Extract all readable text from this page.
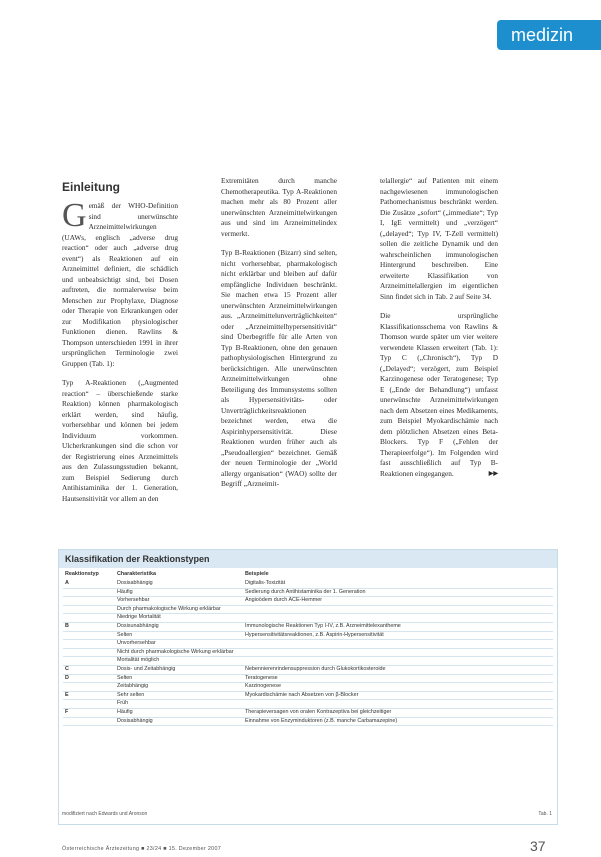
medizin
Einleitung

Gemäß der WHO-Definition sind unerwünschte Arzneimittelwirkungen (UAWs, englisch „adverse drug reaction“ oder auch „adverse drug event“) als Reaktionen auf ein Arzneimittel definiert, die schädlich und unbeabsichtigt sind, bei Dosen auftreten, die normalerweise beim Menschen zur Prophylaxe, Diagnose oder Therapie von Erkrankungen oder zur Modifikation physiologischer Funktionen dienen. Rawlins & Thompson unterschieden 1991 in ihrer ursprünglichen Terminologie zwei Gruppen (Tab. 1):

Typ A-Reaktionen („Augmented reaction“ – überschießende starke Reaktion) können pharmakologisch erklärt werden, sind häufig, vorhersehbar und können bei jedem Individuum vorkommen. Ulcherkrankungen sind die schon vor der Registrierung eines Arzneimittels aus den Zulassungsstudien bekannt, zum Beispiel Sedierung durch Antihistaminika der 1. Generation, Hautsensitivität vor allem an den

Extremitäten durch manche Chemotherapeutika. Typ A-Reaktionen machen mehr als 80 Prozent aller unerwünschten Arzneimittelwirkungen aus und sind im Arzneimittelindex vermerkt.

Typ B-Reaktionen (Bizarr) sind selten, nicht vorhersehbar, pharmakologisch nicht erklärbar und bleiben auf dafür empfängliche Individuen beschränkt. Sie machen etwa 15 Prozent aller unerwünschten Arzneimittelwirkungen aus. „Arzneimittelunverträglichkeiten“ oder „Arzneimittelhypersensitivität“ sind Überbegriffe für alle Arten von Typ B-Reaktionen, ohne den genauen pathophysiologischen Hintergrund zu berücksichtigen. Alle unerwünschten Arzneimittelwirkungen ohne Beteiligung des Immunsystems sollten als Hypersensitivitäts- oder Unverträglichkeitsreaktionen bezeichnet werden, etwa die Aspirinhypersensitivität. Diese Reaktionen wurden früher auch als „Pseudoallergien“ bezeichnet. Gemäß der neuen Terminologie der „World allergy organisation“ (WAO) sollte der Begriff „Arzneimit-

telallergie“ auf Patienten mit einem nachgewiesenen immunologischen Pathomechanismus beschränkt werden. Die Zusätze „sofort“ („immediate“; Typ I, IgE vermittelt) und „verzögert“ („delayed“; Typ IV, T-Zell vermittelt) sollen die zeitliche Dynamik und den wahrscheinlichen immunologischen Hintergrund beschreiben. Eine erweiterte Klassifikation von Arzneimittelallergien im eigentlichen Sinn findet sich in Tab. 2 auf Seite 34.

Die ursprüngliche Klassifikationsschema von Rawlins & Thomson wurde später um vier weitere verwendete Klassen erweitert (Tab. 1): Typ C („Chronisch“), Typ D („Delayed“; verzögert, zum Beispiel Karzinogenese oder Teratogenese; Typ E („Ende der Behandlung“) umfasst unerwünschte Arzneimittelwirkungen nach dem Absetzen eines Medikaments, zum Beispiel Myokardischämie nach dem plötzlichen Absetzen eines Beta-Blockers. Typ F („Fehlen der Therapieerfolge“). Im Folgenden wird fast ausschließlich auf Typ B-Reaktionen eingegangen.	▶▶

Klassifikation der Reaktionstypen
Reaktionstyp	Charakteristika	Beispiele
A	Dosisabhängig	Digitalis-Toxizität
	Häufig	Sedierung durch Antihistaminika der 1. Generation
	Vorhersehbar	Angioödem durch ACE-Hemmer
	Durch pharmakologische Wirkung erklärbar	
	Niedrige Mortalität	
B	Dosisunabhängig	Immunologische Reaktionen Typ I-IV, z.B. Arzneimittelexantheme
	Selten	Hypersensitivitätsreaktionen, z.B. Aspirin-Hypersensitivität
	Unvorhersehbar	
	Nicht durch pharmakologische Wirkung erklärbar	
	Mortalität möglich	
C	Dosis- und Zeitabhängig	Nebennierenrindensuppression durch Glukokortikosteroide
D	Selten	Teratogenese
	Zeitabhängig	Karzinogenese
E	Sehr selten	Myokardischämie nach Absetzen von β-Blocker
	Früh	
F	Häufig	Therapieversagen von oralen Kontrazeptiva bei gleichzeitiger
	Dosisabhängig	Einnahme von Enzyminduktoren (z.B. manche Carbamazepine)
modifiziert nach Edwards und Aronson	Tab. 1
Österreichische Ärztezeitung ■ 23/24 ■ 15. Dezember 2007	37
